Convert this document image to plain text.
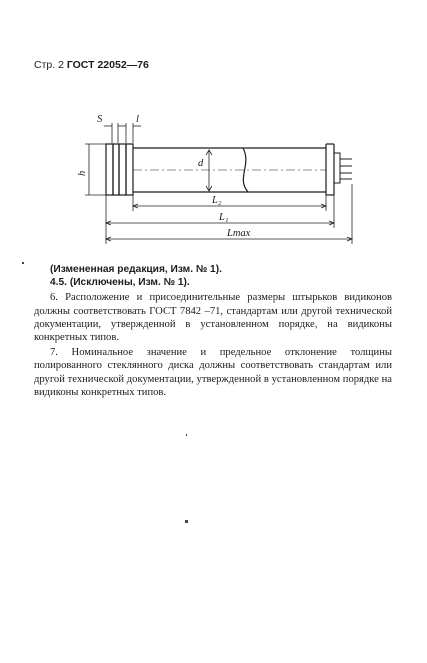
Стр. 2 ГОСТ 22052—76
S	l
h
d
L₂
L₁
Lmax

(Измененная редакция, Изм. № 1).

4.5. (Исключены, Изм. № 1).

6. Расположение и присоединительные размеры штырьков видиконов должны соответствовать ГОСТ 7842 –71, стандартам или другой технической документации, утвержденной в установленном порядке, на видиконы конкретных типов.

7. Номинальное значение и предельное отклонение толщины полированного стеклянного диска должны соответствовать стандартам или другой технической документации, утвержденной в установленном порядке на видиконы конкретных типов.
